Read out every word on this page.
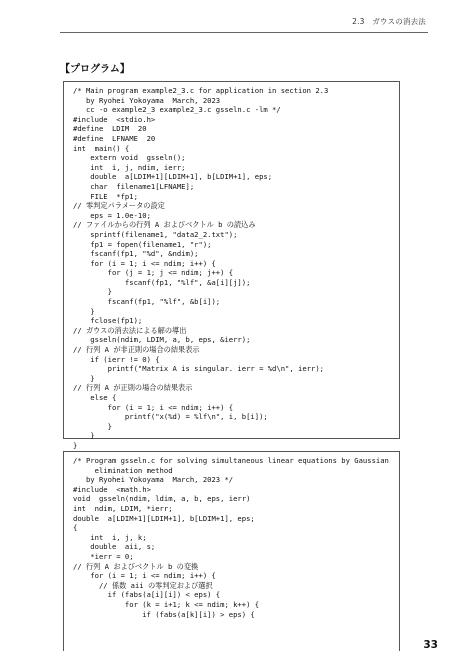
2.3　ガウスの消去法
【プログラム】
/* Main program example2_3.c for application in section 2.3
by Ryohei Yokoyama  March, 2023
cc -o example2_3 example2_3.c gsseln.c -lm */
#include  <stdio.h>
#define  LDIM  20
#define  LFNAME  20
int  main() {
extern void  gsseln();
int  i, j, ndim, ierr;
double  a[LDIM+1][LDIM+1], b[LDIM+1], eps;
char  filename1[LFNAME];
FILE  *fp1;
// 零判定パラメータの設定
eps = 1.0e-10;
// ファイルからの行列 A およびベクトル b の読込み
sprintf(filename1, "data2_2.txt");
fp1 = fopen(filename1, "r");
fscanf(fp1, "%d", &ndim);
for (i = 1; i <= ndim; i++) {
for (j = 1; j <= ndim; j++) {
fscanf(fp1, "%lf", &a[i][j]);
}
fscanf(fp1, "%lf", &b[i]);
}
fclose(fp1);
// ガウスの消去法による解の導出
gsseln(ndim, LDIM, a, b, eps, &ierr);
// 行列 A が非正則の場合の結果表示
if (ierr != 0) {
printf("Matrix A is singular. ierr = %d\n", ierr);
}
// 行列 A が正則の場合の結果表示
else {
for (i = 1; i <= ndim; i++) {
printf("x(%d) = %lf\n", i, b[i]);
}
}
}
/* Program gsseln.c for solving simultaneous linear equations by Gaussian
elimination method
by Ryohei Yokoyama  March, 2023 */
#include  <math.h>
void  gsseln(ndim, ldim, a, b, eps, ierr)
int  ndim, LDIM, *ierr;
double  a[LDIM+1][LDIM+1], b[LDIM+1], eps;
{
int  i, j, k;
double  aii, s;
*ierr = 0;
// 行列 A およびベクトル b の変換
for (i = 1; i <= ndim; i++) {
// 係数 aii の零判定および選択
if (fabs(a[i][i]) < eps) {
for (k = i+1; k <= ndim; k++) {
if (fabs(a[k][i]) > eps) {
33
